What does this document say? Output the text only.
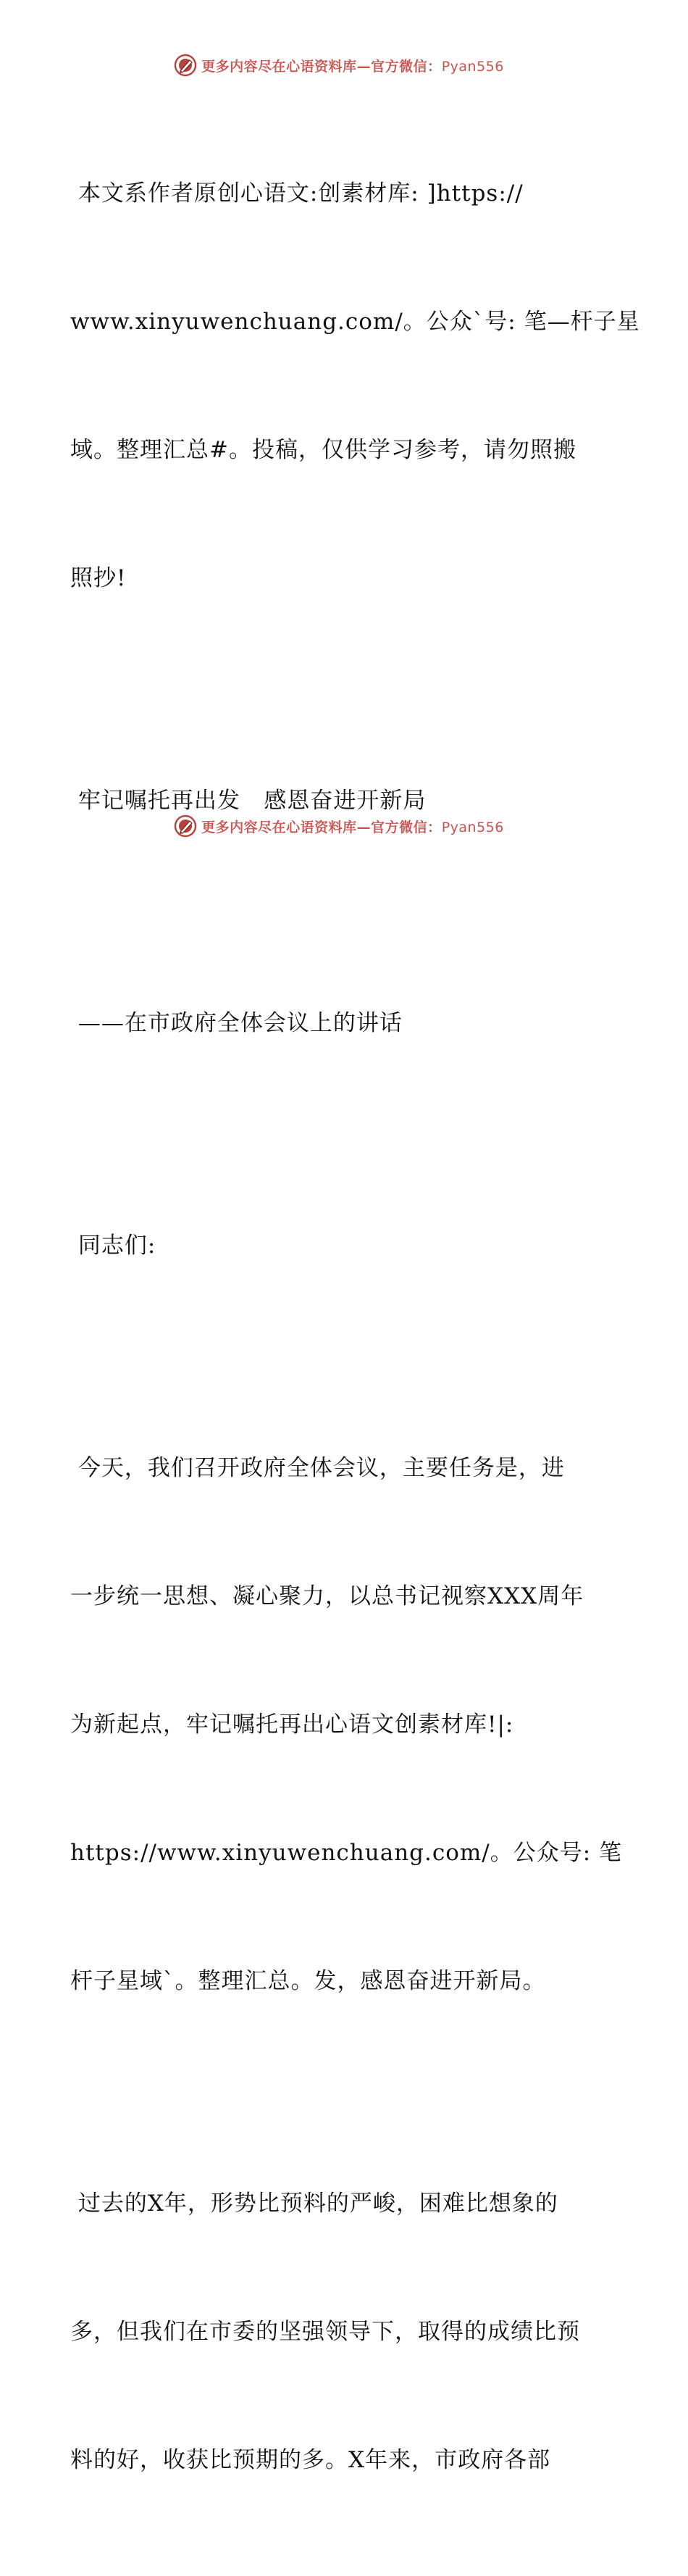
更多内容尽在心语资料库—官方微信：Pyan556

本文系作者原创心语文:创素材库: ]https://

www.xinyuwenchuang.com/。公众`号: 笔—杆子星

域。整理汇总#。投稿，仅供学习参考，请勿照搬

照抄!

牢记嘱托再出发   感恩奋进开新局

——在市政府全体会议上的讲话

同志们:

今天，我们召开政府全体会议，主要任务是，进

一步统一思想、凝心聚力，以总书记视察XXX周年

为新起点，牢记嘱托再出心语文创素材库!|:

https://www.xinyuwenchuang.com/。公众号: 笔

杆子星域`。整理汇总。发，感恩奋进开新局。

过去的X年，形势比预料的严峻，困难比想象的

多，但我们在市委的坚强领导下，取得的成绩比预

料的好，收获比预期的多。X年来，市政府各部

更多内容尽在心语资料库—官方微信：Pyan556
